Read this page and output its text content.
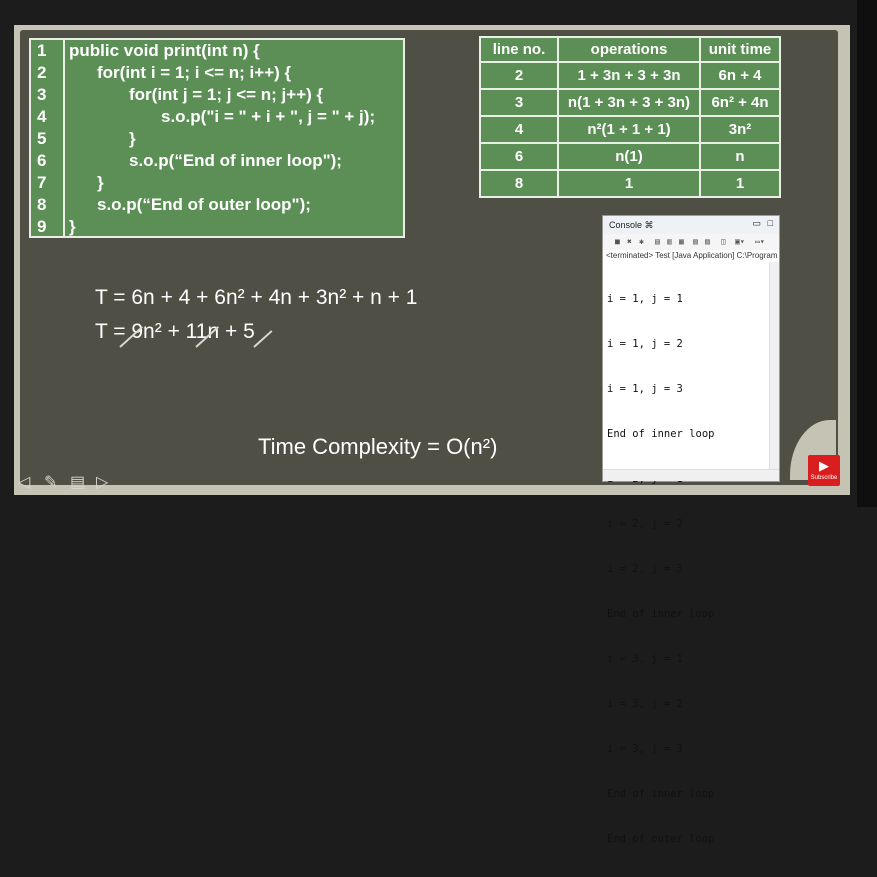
1	public void print(int n) {
2	for(int i = 1; i <= n; i++) {
3	for(int j = 1; j <= n; j++) {
4	s.o.p("i = " + i + ", j = " + j);
5	}
6	s.o.p(“End of inner loop");
7	}
8	s.o.p(“End of outer loop");
9	}
line no.	operations	unit time
2	1 + 3n + 3 + 3n	6n + 4
3	n(1 + 3n + 3 + 3n)	6n² + 4n
4	n²(1 + 1 + 1)	3n²
6	n(1)	n
8	1	1
T = 6n + 4 + 6n² + 4n + 3n² + n + 1
T = 9n² + 11n + 5
Time Complexity = O(n²)
Console ⌘	▭ □
■ ✖ ✱ ▤ ▥ ▦ ▧ ▨ ◫ ▣▾ ▭▾
<terminated> Test [Java Application] C:\Program

i = 1, j = 1

i = 1, j = 2

i = 1, j = 3

End of inner loop

i = 2, j = 2

i = 2, j = 3

End of inner loop

i = 3, j = 1

i = 3, j = 2

i = 3, j = 3

End of inner loop

End of outer loop

◁ ✎ ▤ ▷
▶
Subscribe
